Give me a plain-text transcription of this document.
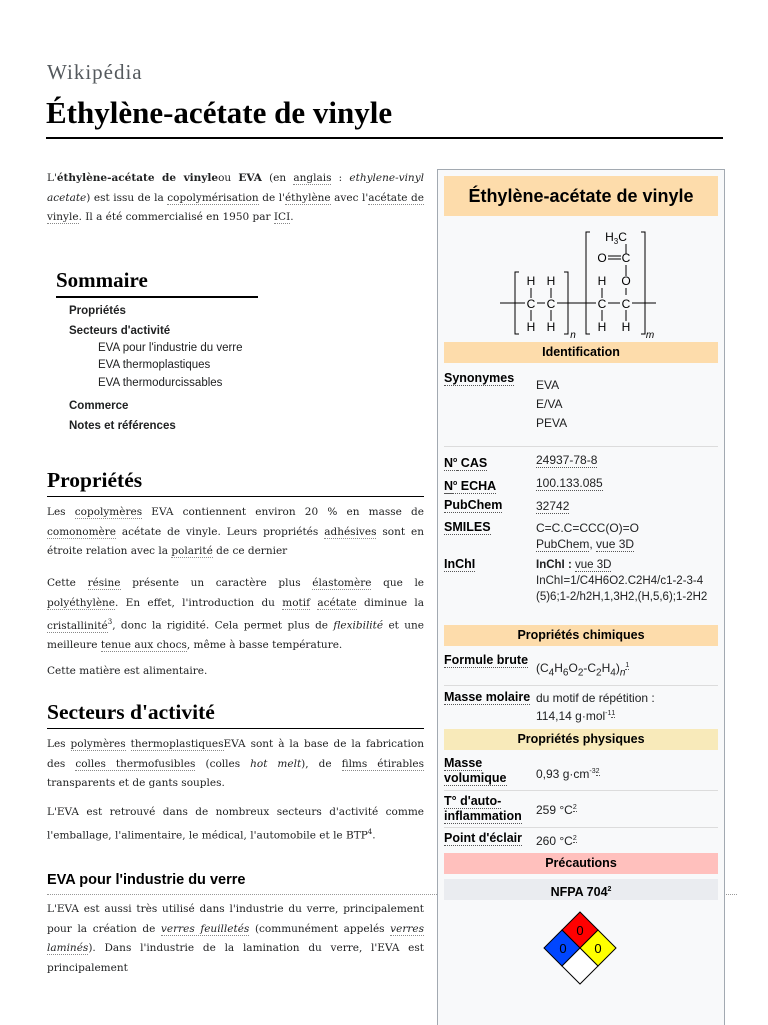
Wikipédia
Éthylène-acétate de vinyle

L'éthylène-acétate de vinyleou EVA (en anglais : ethylene-vinyl acetate) est issu de la copolymérisation de l'éthylène avec l'acétate de vinyle. Il a été commercialisé en 1950 par ICI.

Sommaire
Propriétés
Secteurs d'activité
EVA pour l'industrie du verre
EVA thermoplastiques
EVA thermodurcissables
Commerce
Notes et références
Propriétés

Les copolymères EVA contiennent environ 20 % en masse de comonomère acétate de vinyle. Leurs propriétés adhésives sont en étroite relation avec la polarité de ce dernier

Cette résine présente un caractère plus élastomère que le polyéthylène. En effet, l'introduction du motif acétate diminue la cristallinité$^3$, donc la rigidité. Cela permet plus de flexibilité et une meilleure tenue aux chocs, même à basse température.

Cette matière est alimentaire.

Secteurs d'activité

Les polymères thermoplastiquesEVA sont à la base de la fabrication des colles thermofusibles (colles hot melt), de films étirables transparents et de gants souples.

L'EVA est retrouvé dans de nombreux secteurs d'activité comme l'emballage, l'alimentaire, le médical, l'automobile et le BTP$^4$.

EVA pour l'industrie du verre

L'EVA est aussi très utilisé dans l'industrie du verre, principalement pour la création de verres feuilletés (communément appelés verres laminés). Dans l'industrie de la lamination du verre, l'EVA est principalement

Éthylène-acétate de vinyle
$H_3C$
O C
O
n	m
C C
H H
H H
C C
H
H H
Identification
Synonymes	EVA
E/VA
PEVA
$N^o$ CAS	24937-78-8
$N^o$ ECHA	100.133.085
PubChem	32742
SMILES	C=C.C=CCC(O)=O
PubChem, vue 3D
InChI	InChI : vue 3D
InChI=1/C4H6O2.C2H4/c1-2-3-4(5)6;1-2/h2H,1,3H2,(H,5,6);1-2H2
Propriétés chimiques
Formule brute
$(C_4H_6O_2-C_2H_4)_n^1$
Masse molaire du motif de répétition :
114,14 g·mol$^{-11}$
Propriétés physiques
Masse volumique	0,93 $g\cdot cm^{-32}$
T° d'auto-inflammation	259 $^\circ C^2$
Point d'éclair	260 $^\circ C^2$
Précautions
NFPA $704^2$
0
0 0
